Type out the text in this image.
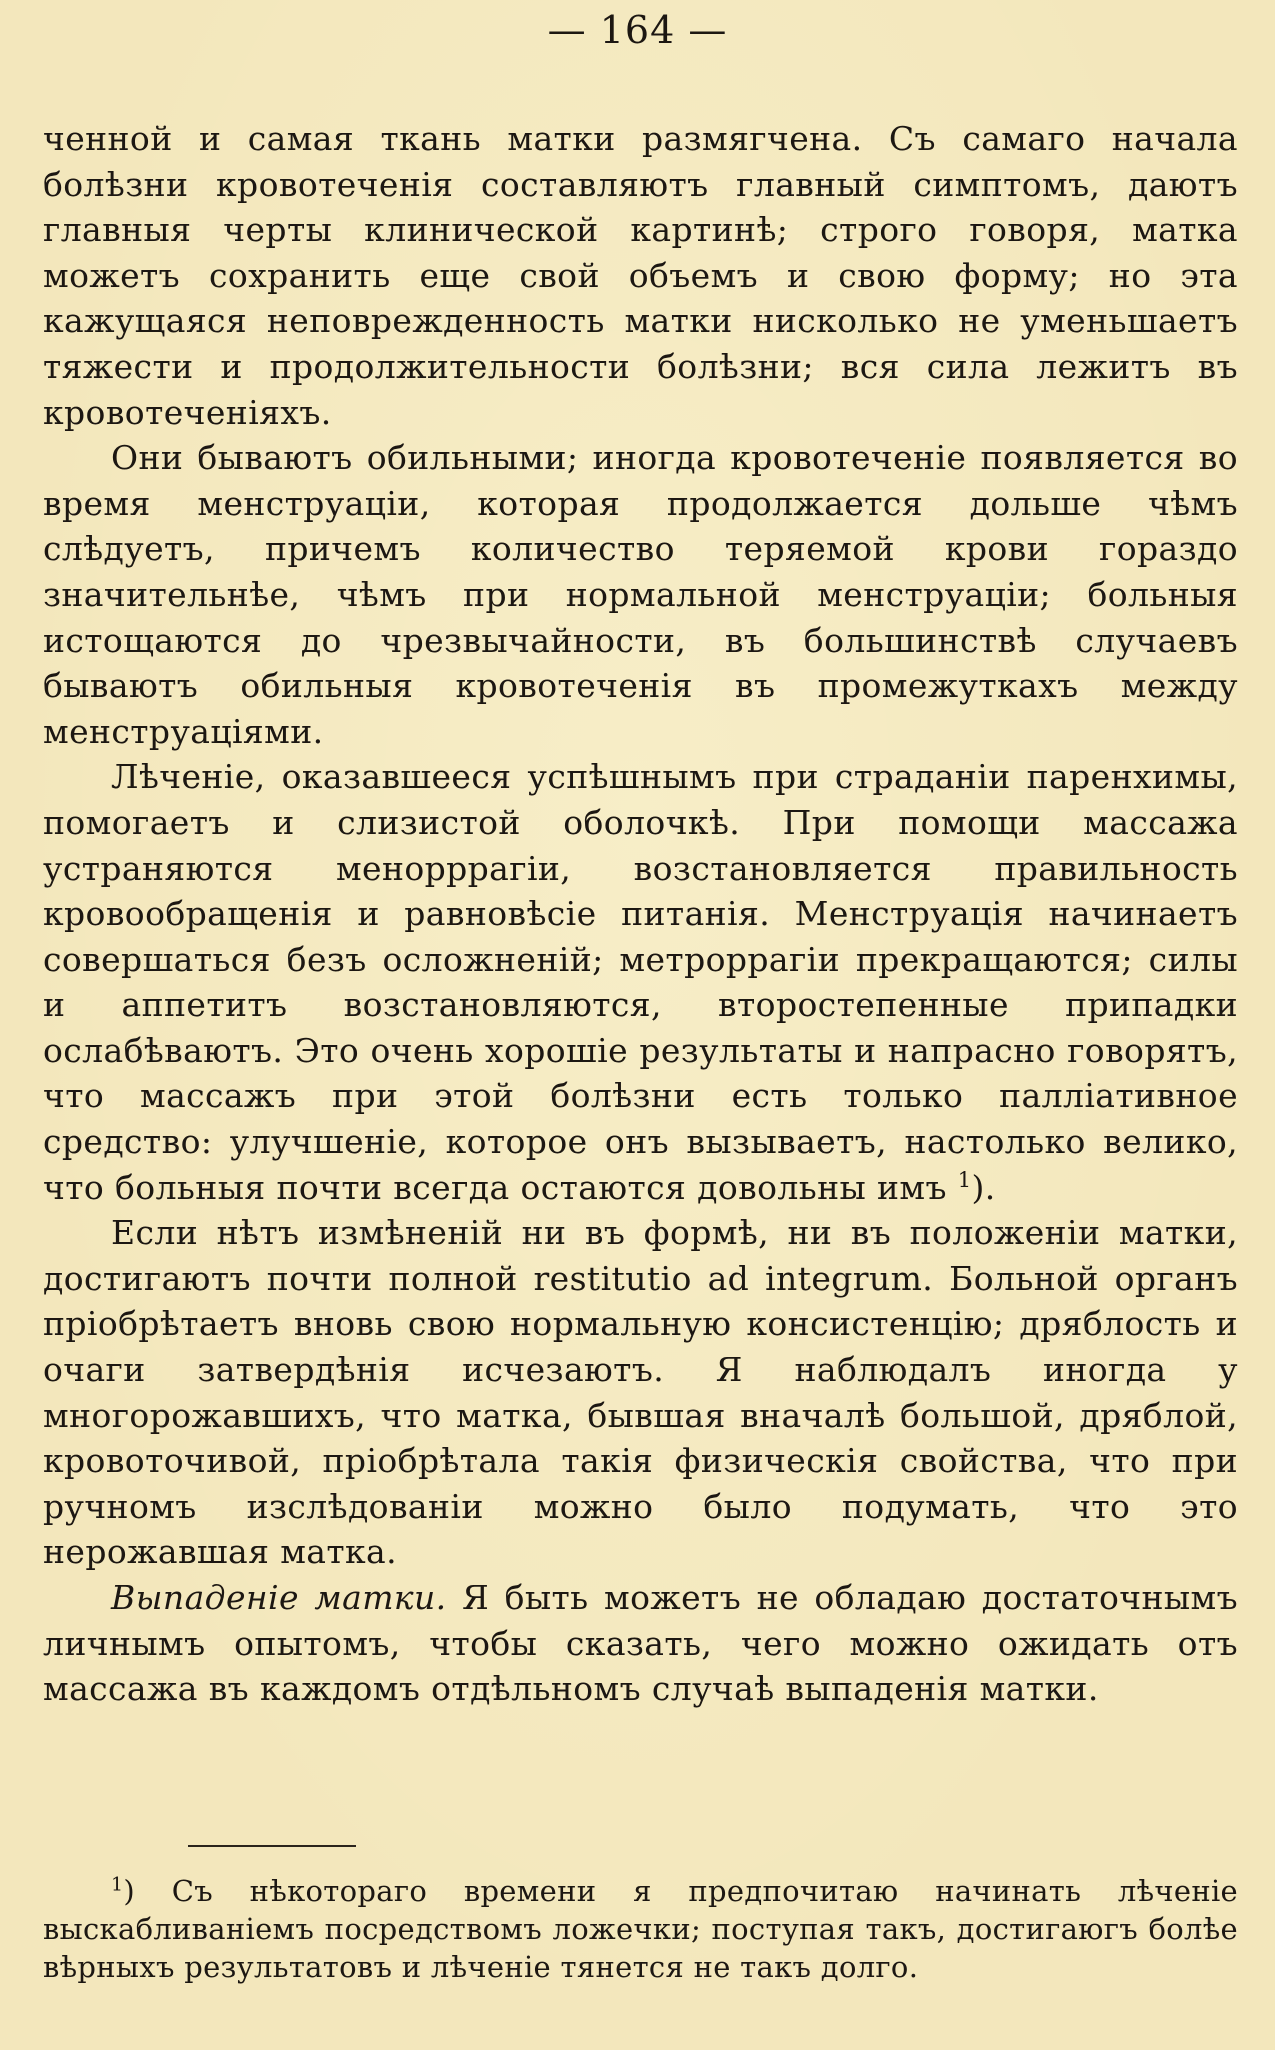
— 164 —

ченной и самая ткань матки размягчена. Съ самаго начала болѣзни кровотеченія составляютъ главный симптомъ, даютъ главныя черты клинической картинѣ; строго говоря, матка можетъ сохранить еще свой объемъ и свою форму; но эта кажущаяся неповрежденность матки нисколько не уменьшаетъ тяжести и продолжительности болѣзни; вся сила лежитъ въ кровотеченіяхъ.

Они бываютъ обильными; иногда кровотеченіе появляется во время менструаціи, которая продолжается дольше чѣмъ слѣдуетъ, причемъ количество теряемой крови гораздо значительнѣе, чѣмъ при нормальной менструаціи; больныя истощаются до чрезвычайности, въ большинствѣ случаевъ бываютъ обильныя кровотеченія въ промежуткахъ между менструаціями.

Лѣченіе, оказавшееся успѣшнымъ при страданіи паренхимы, помогаетъ и слизистой оболочкѣ. При помощи массажа устраняются менорррагіи, возстановляется правильность кровообращенія и равновѣсіе питанія. Менструація начинаетъ совершаться безъ осложненій; метроррагіи прекращаются; силы и аппетитъ возстановляются, второстепенные припадки ослабѣваютъ. Это очень хорошіе результаты и напрасно говорятъ, что массажъ при этой болѣзни есть только палліативное средство: улучшеніе, которое онъ вызываетъ, настолько велико, что больныя почти всегда остаются довольны имъ $^1$).

Если нѣтъ измѣненій ни въ формѣ, ни въ положеніи матки, достигаютъ почти полной restitutio ad integrum. Больной органъ пріобрѣтаетъ вновь свою нормальную консистенцію; дряблость и очаги затвердѣнія исчезаютъ. Я наблюдалъ иногда у многорожавшихъ, что матка, бывшая вначалѣ большой, дряблой, кровоточивой, пріобрѣтала такія физическія свойства, что при ручномъ изслѣдованіи можно было подумать, что это нерожавшая матка.

Выпаденіе матки. Я быть можетъ не обладаю достаточнымъ личнымъ опытомъ, чтобы сказать, чего можно ожидать отъ массажа въ каждомъ отдѣльномъ случаѣ выпаденія матки.

$^1$) Съ нѣкотораго времени я предпочитаю начинать лѣченіе выскабливаніемъ посредствомъ ложечки; поступая такъ, достигаюгъ болѣе вѣрныхъ результатовъ и лѣченіе тянется не такъ долго.
